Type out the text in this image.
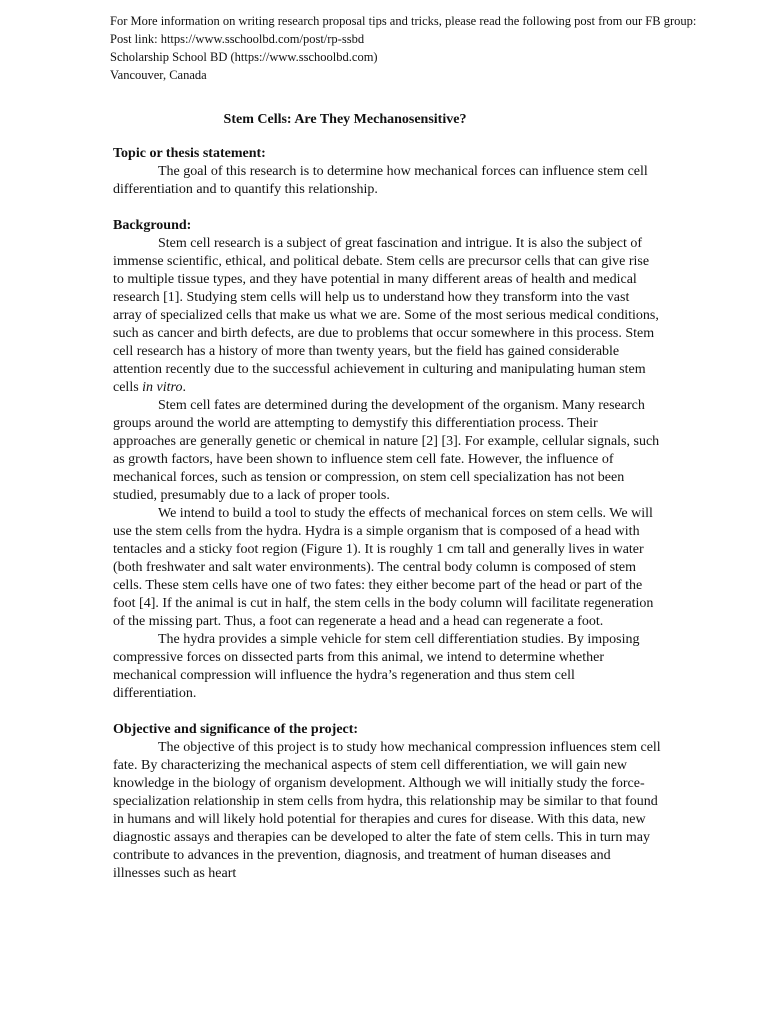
For More information on writing research proposal tips and tricks, please read the following post from our FB group:
Post link: https://www.sschoolbd.com/post/rp-ssbd
Scholarship School BD (https://www.sschoolbd.com)
Vancouver, Canada
Stem Cells: Are They Mechanosensitive?

Topic or thesis statement:

The goal of this research is to determine how mechanical forces can influence stem cell differentiation and to quantify this relationship.

Background:

Stem cell research is a subject of great fascination and intrigue. It is also the subject of immense scientific, ethical, and political debate. Stem cells are precursor cells that can give rise to multiple tissue types, and they have potential in many different areas of health and medical research [1]. Studying stem cells will help us to understand how they transform into the vast array of specialized cells that make us what we are. Some of the most serious medical conditions, such as cancer and birth defects, are due to problems that occur somewhere in this process. Stem cell research has a history of more than twenty years, but the field has gained considerable attention recently due to the successful achievement in culturing and manipulating human stem cells in vitro.

Stem cell fates are determined during the development of the organism. Many research groups around the world are attempting to demystify this differentiation process. Their approaches are generally genetic or chemical in nature [2] [3]. For example, cellular signals, such as growth factors, have been shown to influence stem cell fate. However, the influence of mechanical forces, such as tension or compression, on stem cell specialization has not been studied, presumably due to a lack of proper tools.

We intend to build a tool to study the effects of mechanical forces on stem cells. We will use the stem cells from the hydra. Hydra is a simple organism that is composed of a head with tentacles and a sticky foot region (Figure 1). It is roughly 1 cm tall and generally lives in water (both freshwater and salt water environments). The central body column is composed of stem cells. These stem cells have one of two fates: they either become part of the head or part of the foot [4]. If the animal is cut in half, the stem cells in the body column will facilitate regeneration of the missing part. Thus, a foot can regenerate a head and a head can regenerate a foot.

The hydra provides a simple vehicle for stem cell differentiation studies. By imposing compressive forces on dissected parts from this animal, we intend to determine whether mechanical compression will influence the hydra’s regeneration and thus stem cell differentiation.

Objective and significance of the project:

The objective of this project is to study how mechanical compression influences stem cell fate. By characterizing the mechanical aspects of stem cell differentiation, we will gain new knowledge in the biology of organism development. Although we will initially study the force-specialization relationship in stem cells from hydra, this relationship may be similar to that found in humans and will likely hold potential for therapies and cures for disease. With this data, new diagnostic assays and therapies can be developed to alter the fate of stem cells. This in turn may contribute to advances in the prevention, diagnosis, and treatment of human diseases and illnesses such as heart
